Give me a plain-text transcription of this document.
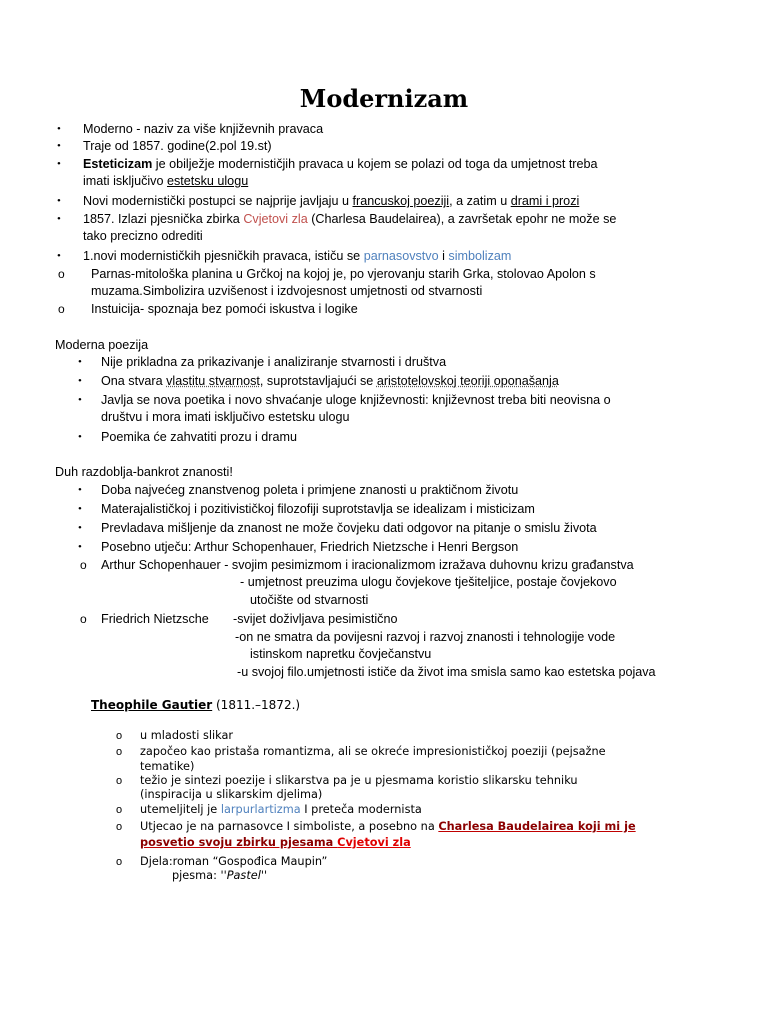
Modernizam
• Moderno - naziv za više književnih pravaca
• Traje od 1857. godine(2.pol 19.st)
• Esteticizam je obilježje modernističjih pravaca u kojem se polazi od toga da umjetnost treba
imati isključivo estetsku ulogu
• Novi modernistički postupci se najprije javljaju u francuskoj poeziji, a zatim u drami i prozi
• 1857. Izlazi pjesnička zbirka Cvjetovi zla (Charlesa Baudelairea), a završetak epohr ne može se
tako precizno odrediti
• 1.novi modernističkih pjesničkih pravaca, ističu se parnasovstvo i simbolizam
o Parnas-mitološka planina u Grčkoj na kojoj je, po vjerovanju starih Grka, stolovao Apolon s
muzama.Simbolizira uzvišenost i izdvojesnost umjetnosti od stvarnosti
o Instuicija- spoznaja bez pomoći iskustva i logike
Moderna poezija
• Nije prikladna za prikazivanje i analiziranje stvarnosti i društva
• Ona stvara vlastitu stvarnost, suprotstavljajući se aristotelovskoj teoriji oponašanja
• Javlja se nova poetika i novo shvaćanje uloge književnosti: književnost treba biti neovisna o
društvu i mora imati isključivo estetsku ulogu
• Poemika će zahvatiti prozu i dramu
Duh razdoblja-bankrot znanosti!
• Doba najvećeg znanstvenog poleta i primjene znanosti u praktičnom životu
• Materajalističkoj i pozitivističkoj filozofiji suprotstavlja se idealizam i misticizam
• Prevladava mišljenje da znanost ne može čovjeku dati odgovor na pitanje o smislu života
• Posebno utječu: Arthur Schopenhauer, Friedrich Nietzsche i Henri Bergson
o Arthur Schopenhauer - svojim pesimizmom i iracionalizmom izražava duhovnu krizu građanstva
- umjetnost preuzima ulogu čovjekove tješiteljice, postaje čovjekovo
utočište od stvarnosti
o Friedrich Nietzsche -svijet doživljava pesimistično
-on ne smatra da povijesni razvoj i razvoj znanosti i tehnologije vode
istinskom napretku čovječanstvu
-u svojoj filo.umjetnosti ističe da život ima smisla samo kao estetska pojava
Theophile Gautier (1811.–1872.)
o u mladosti slikar
o započeo kao pristaša romantizma, ali se okreće impresionističkoj poeziji (pejsažne
tematike)
o težio je sintezi poezije i slikarstva pa je u pjesmama koristio slikarsku tehniku
(inspiracija u slikarskim djelima)
o utemeljitelj je larpurlartizma I preteča modernista
o Utjecao je na parnasovce I simboliste, a posebno na Charlesa Baudelairea koji mi je
posvetio svoju zbirku pjesama Cvjetovi zla
o Djela:roman “Gospođica Maupin”
pjesma: ''Pastel''
